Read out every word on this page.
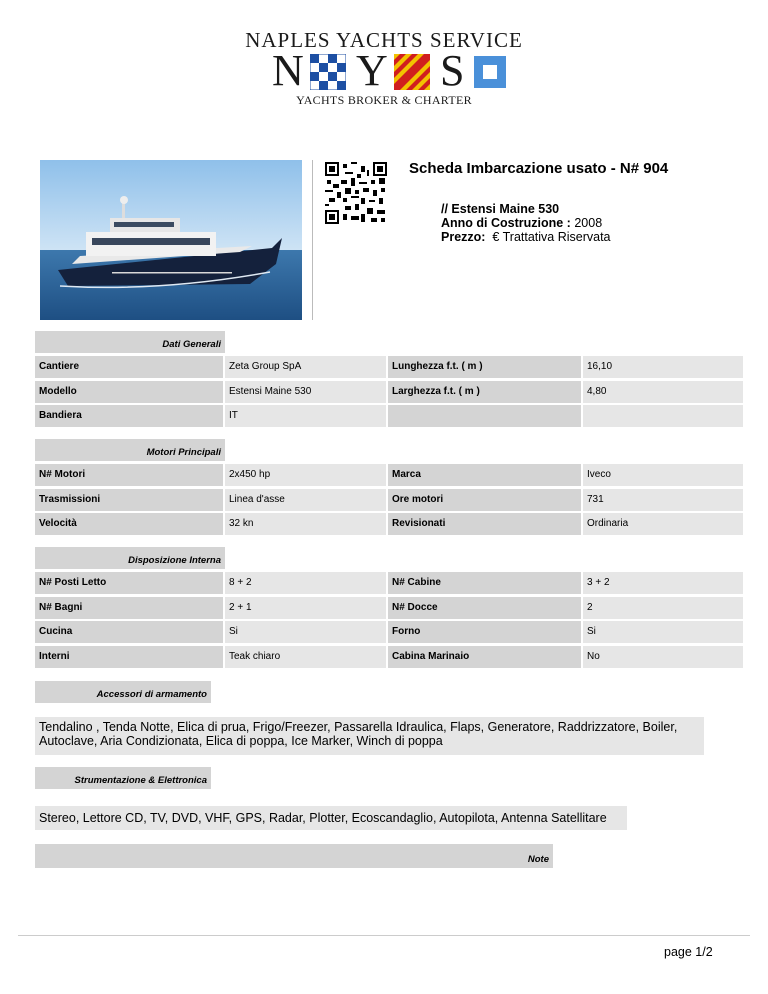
NAPLES YACHTS SERVICE
N Y S
YACHTS BROKER & CHARTER
Scheda Imbarcazione usato - N# 904
// Estensi Maine 530
Anno di Costruzione : 2008
Prezzo: € Trattativa Riservata
Dati Generali
Motori Principali
Disposizione Interna
Accessori di armamento
Tendalino , Tenda Notte, Elica di prua, Frigo/Freezer, Passarella Idraulica, Flaps, Generatore, Raddrizzatore, Boiler, Autoclave, Aria Condizionata, Elica di poppa, Ice Marker, Winch di poppa
Strumentazione & Elettronica
Stereo, Lettore CD, TV, DVD, VHF, GPS, Radar, Plotter, Ecoscandaglio, Autopilota, Antenna Satellitare
Note
page 1/2
Cantiere	Zeta Group SpA	Lunghezza f.t. ( m )	16,10
Modello	Estensi Maine 530	Larghezza f.t. ( m )	4,80
Bandiera	IT
N# Motori	2x450 hp	Marca	Iveco
Trasmissioni	Linea d'asse	Ore motori	731
Velocità	32 kn	Revisionati	Ordinaria
N# Posti Letto	8 + 2	N# Cabine	3 + 2
N# Bagni	2 + 1	N# Docce	2
Cucina	Si	Forno	Si
Interni	Teak chiaro	Cabina Marinaio	No
